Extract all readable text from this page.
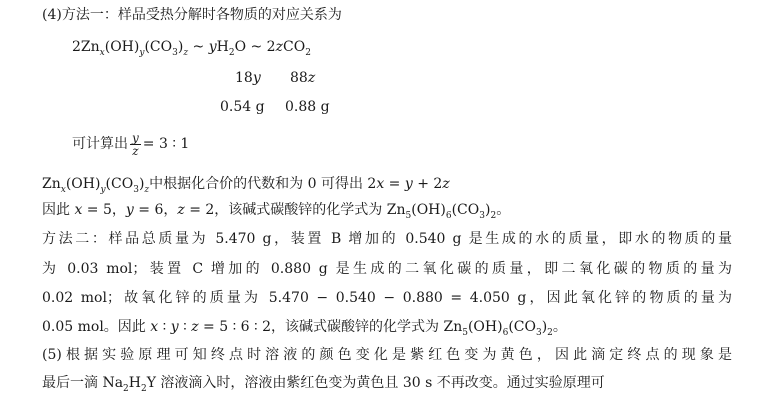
(4)方法一：样品受热分解时各物质的对应关系为
$2Zn_x(OH)_y(CO_3)_z$ ~ $yH_2O$ ~ 2zCO$_2$
18y 88z
0.54 g 0.88 g
可计算出 $\frac{y}{z} = 3$ ∶ 1
$Zn_x(OH)_y(CO_3)_z$中根据化合价的代数和为 0 可得出 2x = y + 2z
因此 x = 5，y = 6，z = 2，该碱式碳酸锌的化学式为 $Zn_5(OH)_6(CO_3)_2$。
方法二：样品总质量为 5.470 g，装置 B 增加的 0.540 g 是生成的水的质量，即水的物质的量
为 0.03 mol；装置 C 增加的 0.880 g 是生成的二氧化碳的质量，即二氧化碳的物质的量为
0.02 mol；故氧化锌的质量为 5.470 − 0.540 − 0.880 = 4.050 g，因此氧化锌的物质的量为
0.05 mol。因此 x ∶ y ∶ z = 5 ∶ 6 ∶ 2，该碱式碳酸锌的化学式为 $Zn_5(OH)_6(CO_3)_2$。
(5)根据实验原理可知终点时溶液的颜色变化是紫红色变为黄色，因此滴定终点的现象是
最后一滴 $Na_2H_2Y$ 溶液滴入时，溶液由紫红色变为黄色且 30 s 不再改变。通过实验原理可
